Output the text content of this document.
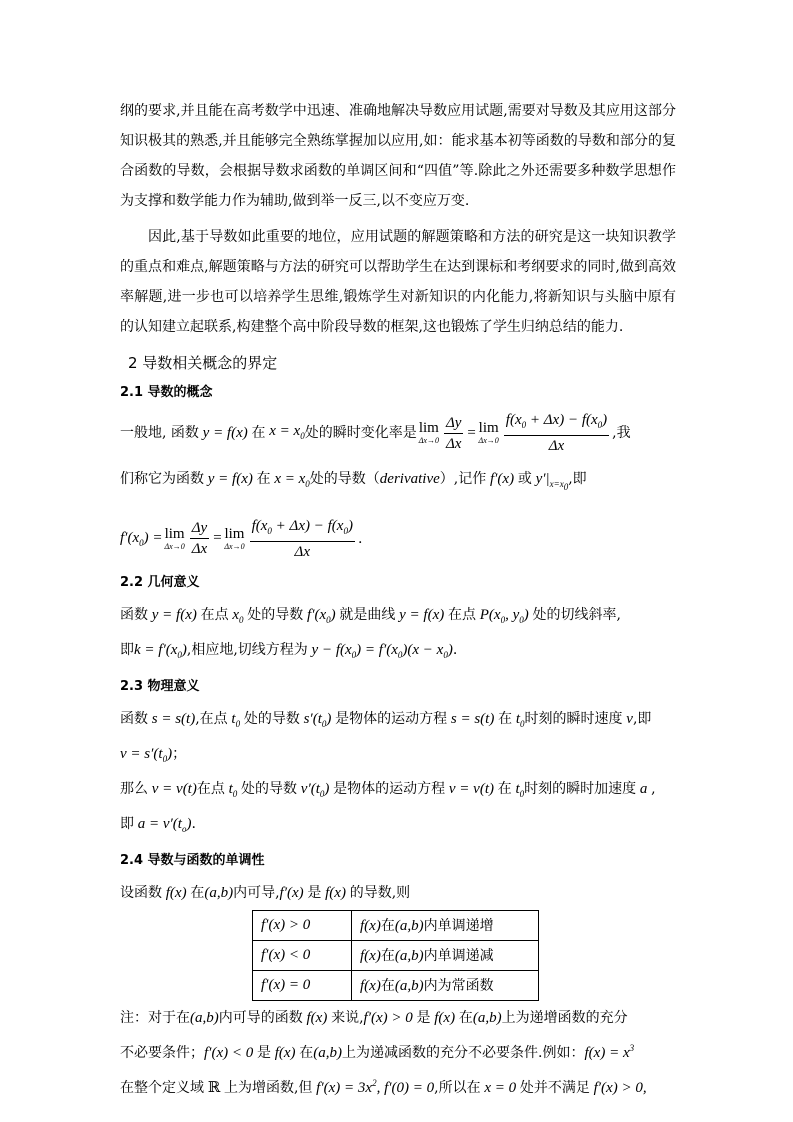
纲的要求,并且能在高考数学中迅速、准确地解决导数应用试题,需要对导数及其应用这部分知识极其的熟悉,并且能够完全熟练掌握加以应用,如：能求基本初等函数的导数和部分的复合函数的导数，会根据导数求函数的单调区间和“四值”等.除此之外还需要多种数学思想作为支撑和数学能力作为辅助,做到举一反三,以不变应万变.

因此,基于导数如此重要的地位，应用试题的解题策略和方法的研究是这一块知识教学的重点和难点,解题策略与方法的研究可以帮助学生在达到课标和考纲要求的同时,做到高效率解题,进一步也可以培养学生思维,锻炼学生对新知识的内化能力,将新知识与头脑中原有的认知建立起联系,构建整个高中阶段导数的框架,这也锻炼了学生归纳总结的能力.

2 导数相关概念的界定
2.1 导数的概念
一般地, 函数 y = f(x) 在 $x = x_0$ 处的瞬时变化率是 lim
$\Delta x\to 0 \frac{\Delta y}{\Delta x} = \lim$
$\Delta x\to 0 \frac{f(x_0 + \Delta x) - f(x_0)}{\Delta x}$ ,我

们称它为函数 y = f(x) 在 $x = x_0$处的导数（derivative）,记作 f′(x) 或 $y'|_{x=x_0}$,即

$f'(x_0) = \lim$
$\Delta x\to 0 \frac{\Delta y}{\Delta x} = \lim$
$\Delta x\to 0 \frac{f(x_0 + \Delta x) - f(x_0)}{\Delta x}$ .
2.2 几何意义

函数 y = f(x) 在点 $x_0$ 处的导数 $f'(x_0)$ 就是曲线 y = f(x) 在点 $P(x_0$, $y_0$) 处的切线斜率,

即$k = f'(x_0)$,相应地,切线方程为 $y - f(x_0) = f'(x_0)(x - x_0)$.

2.3 物理意义

函数 s = s(t),在点 $t_0$ 处的导数 $s'(t_0)$ 是物体的运动方程 s = s(t) 在 $t_0$时刻的瞬时速度 v,即

$v = s'(t_0)$；

那么 v = v(t)在点 $t_0$ 处的导数 $v'(t_0)$ 是物体的运动方程 v = v(t) 在 $t_0$时刻的瞬时加速度 a ,

即 $a = v'(t_o)$.

2.4 导数与函数的单调性

设函数 f(x) 在(a,b)内可导,f′(x) 是 f(x) 的导数,则

f′(x) > 0	f(x)在(a,b)内单调递增
f′(x) < 0	f(x)在(a,b)内单调递减
f′(x) = 0	f(x)在(a,b)内为常函数

注：对于在(a,b)内可导的函数 f(x) 来说,f′(x) > 0 是 f(x) 在(a,b)上为递增函数的充分

不必要条件；f′(x) < 0 是 f(x) 在(a,b)上为递减函数的充分不必要条件.例如：$f(x) = x^3$

在整个定义域 ℝ 上为增函数,但 $f'(x) = 3x^2$, f′(0) = 0,所以在 x = 0 处并不满足 f′(x) > 0,
